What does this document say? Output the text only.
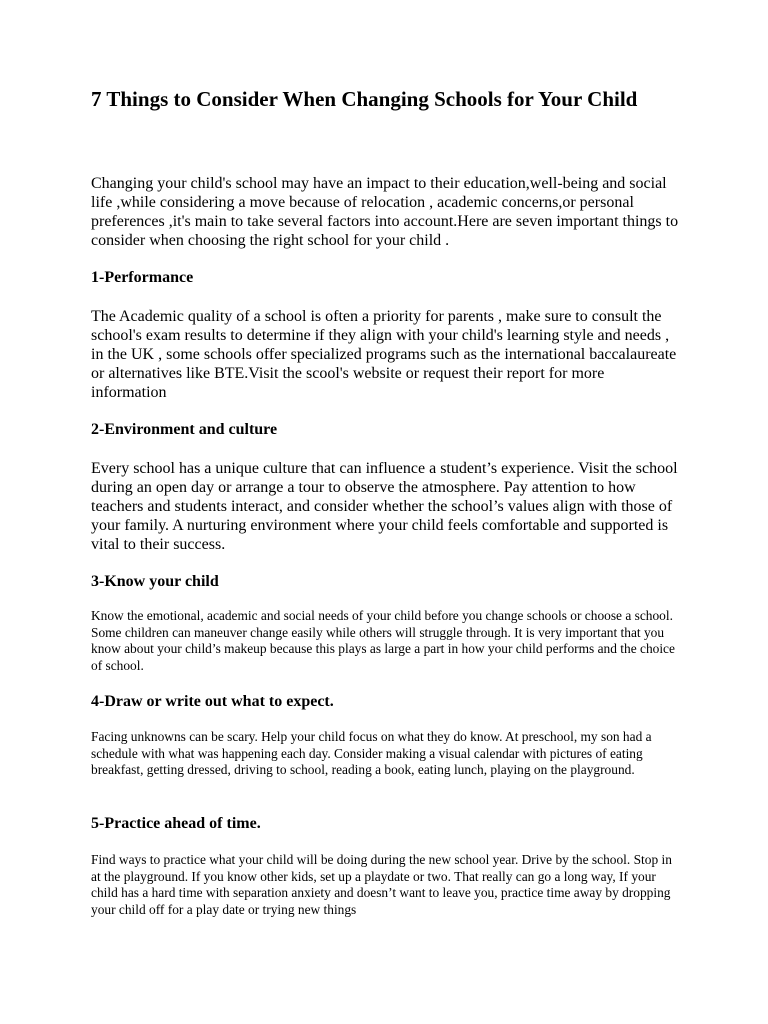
7 Things to Consider When Changing Schools for Your Child

Changing your child's school may have an impact to their education,well-being and social life ,while considering a move because of relocation , academic concerns,or personal preferences ,it's main to take several factors into account.Here are seven important things to consider when choosing the right school for your child .

1-Performance

The Academic quality of a school is often a priority for parents , make sure to consult the school's exam results to determine if they align with your child's learning style and needs , in the UK , some schools offer specialized programs such as the international baccalaureate or alternatives like BTE.Visit the scool's website or request their report for more information

2-Environment and culture

Every school has a unique culture that can influence a student’s experience. Visit the school during an open day or arrange a tour to observe the atmosphere. Pay attention to how teachers and students interact, and consider whether the school’s values align with those of your family. A nurturing environment where your child feels comfortable and supported is vital to their success.

3-Know your child

Know the emotional, academic and social needs of your child before you change schools or choose a school. Some children can maneuver change easily while others will struggle through. It is very important that you know about your child’s makeup because this plays as large a part in how your child performs and the choice of school.

4-Draw or write out what to expect.

Facing unknowns can be scary. Help your child focus on what they do know. At preschool, my son had a schedule with what was happening each day. Consider making a visual calendar with pictures of eating breakfast, getting dressed, driving to school, reading a book, eating lunch, playing on the playground.

5-Practice ahead of time.

Find ways to practice what your child will be doing during the new school year. Drive by the school. Stop in at the playground. If you know other kids, set up a playdate or two. That really can go a long way, If your child has a hard time with separation anxiety and doesn’t want to leave you, practice time away by dropping your child off for a play date or trying new things
